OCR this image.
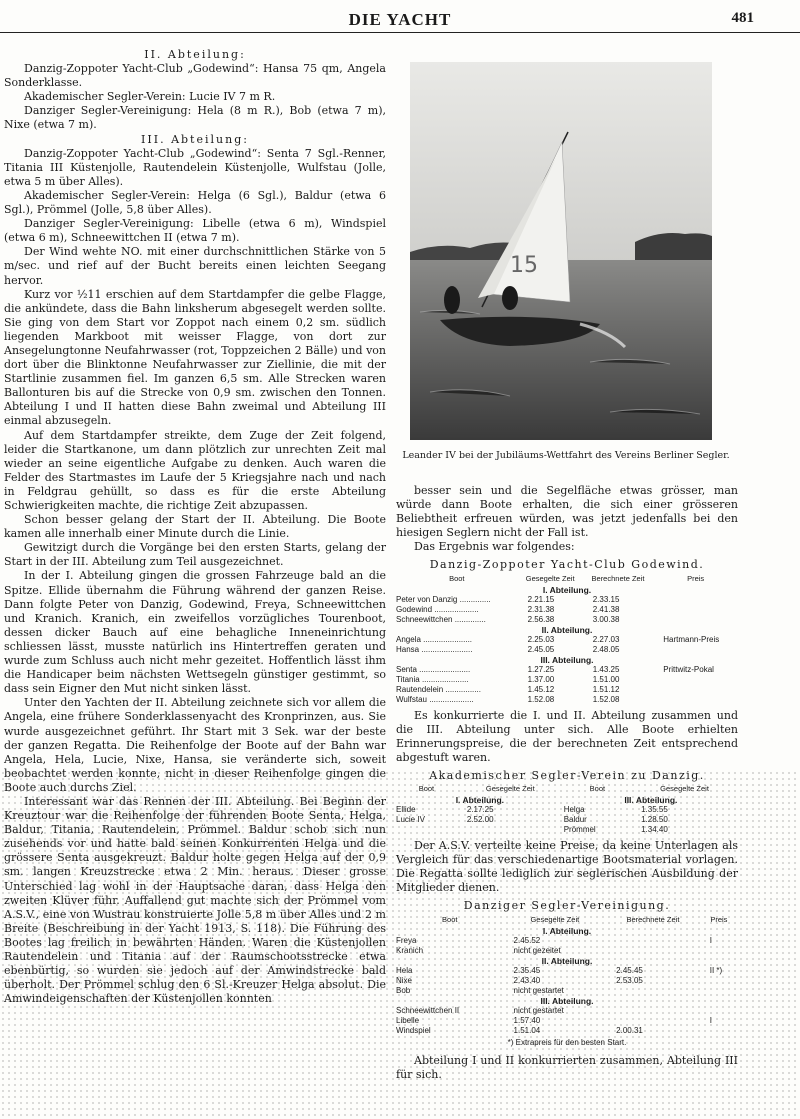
DIE YACHT	481

II. Abteilung:

Danzig-Zoppoter Yacht-Club „Godewind“: Hansa 75 qm, Angela Sonderklasse.

Akademischer Segler-Verein: Lucie IV 7 m R.

Danziger Segler-Vereinigung: Hela (8 m R.), Bob (etwa 7 m), Nixe (etwa 7 m).

III. Abteilung:

Danzig-Zoppoter Yacht-Club „Godewind“: Senta 7 Sgl.-Renner, Titania III Küstenjolle, Rautendelein Küstenjolle, Wulfstau (Jolle, etwa 5 m über Alles).

Akademischer Segler-Verein: Helga (6 Sgl.), Baldur (etwa 6 Sgl.), Prömmel (Jolle, 5,8 über Alles).

Danziger Segler-Vereinigung: Libelle (etwa 6 m), Windspiel (etwa 6 m), Schneewittchen II (etwa 7 m).

Der Wind wehte NO. mit einer durchschnittlichen Stärke von 5 m/sec. und rief auf der Bucht bereits einen leichten Seegang hervor.

Kurz vor ½11 erschien auf dem Startdampfer die gelbe Flagge, die ankündete, dass die Bahn linksherum abgesegelt werden sollte. Sie ging von dem Start vor Zoppot nach einem 0,2 sm. südlich liegenden Markboot mit weisser Flagge, von dort zur Ansegelungtonne Neufahrwasser (rot, Toppzeichen 2 Bälle) und von dort über die Blinktonne Neufahrwasser zur Ziellinie, die mit der Startlinie zusammen fiel. Im ganzen 6,5 sm. Alle Strecken waren Ballonturen bis auf die Strecke von 0,9 sm. zwischen den Tonnen. Abteilung I und II hatten diese Bahn zweimal und Abteilung III einmal abzusegeln.

Auf dem Startdampfer streikte, dem Zuge der Zeit folgend, leider die Startkanone, um dann plötzlich zur unrechten Zeit mal wieder an seine eigentliche Aufgabe zu denken. Auch waren die Felder des Startmastes im Laufe der 5 Kriegsjahre nach und nach in Feldgrau gehüllt, so dass es für die erste Abteilung Schwierigkeiten machte, die richtige Zeit abzupassen.

Schon besser gelang der Start der II. Abteilung. Die Boote kamen alle innerhalb einer Minute durch die Linie.

Gewitzigt durch die Vorgänge bei den ersten Starts, gelang der Start in der III. Abteilung zum Teil ausgezeichnet.

In der I. Abteilung gingen die grossen Fahrzeuge bald an die Spitze. Ellide übernahm die Führung während der ganzen Reise. Dann folgte Peter von Danzig, Godewind, Freya, Schneewittchen und Kranich. Kranich, ein zweifellos vorzügliches Tourenboot, dessen dicker Bauch auf eine behagliche Inneneinrichtung schliessen lässt, musste natürlich ins Hintertreffen geraten und wurde zum Schluss auch nicht mehr gezeitet. Hoffentlich lässt ihm die Handicaper beim nächsten Wettsegeln günstiger gestimmt, so dass sein Eigner den Mut nicht sinken lässt.

Unter den Yachten der II. Abteilung zeichnete sich vor allem die Angela, eine frühere Sonderklassenyacht des Kronprinzen, aus. Sie wurde ausgezeichnet geführt. Ihr Start mit 3 Sek. war der beste der ganzen Regatta. Die Reihenfolge der Boote auf der Bahn war Angela, Hela, Lucie, Nixe, Hansa, sie veränderte sich, soweit beobachtet werden konnte, nicht in dieser Reihenfolge gingen die Boote auch durchs Ziel.

Interessant war das Rennen der III. Abteilung. Bei Beginn der Kreuztour war die Reihenfolge der führenden Boote Senta, Helga, Baldur, Titania, Rautendelein, Prömmel. Baldur schob sich nun zusehends vor und hatte bald seinen Konkurrenten Helga und die grössere Senta ausgekreuzt. Baldur holte gegen Helga auf der 0,9 sm. langen Kreuzstrecke etwa 2 Min. heraus. Dieser grosse Unterschied lag wohl in der Hauptsache daran, dass Helga den zweiten Klüver führ. Auffallend gut machte sich der Prömmel vom A.S.V., eine von Wustrau konstruierte Jolle 5,8 m über Alles und 2 m Breite (Beschreibung in der Yacht 1913, S. 118). Die Führung des Bootes lag freilich in bewährten Händen. Waren die Küstenjollen Rautendelein und Titania auf der Raumschootsstrecke etwa ebenbürtig, so wurden sie jedoch auf der Amwindstrecke bald überholt. Der Prömmel schlug den 6 Sl.-Kreuzer Helga absolut. Die Amwindeigenschaften der Küstenjollen konnten

15
Leander IV bei der Jubiläums-Wettfahrt des Vereins Berliner Segler.

besser sein und die Segelfläche etwas grösser, man würde dann Boote erhalten, die sich einer grösseren Beliebtheit erfreuen würden, was jetzt jedenfalls bei den hiesigen Seglern nicht der Fall ist.

Das Ergebnis war folgendes:

Danzig-Zoppoter Yacht-Club Godewind.
Boot	Gesegelte Zeit	Berechnete Zeit	Preis
I. Abteilung.			
Peter von Danzig ..............	2.21.15	2.33.15	
Godewind ....................	2.31.38	2.41.38	
Schneewittchen ..............	2.56.38	3.00.38	
II. Abteilung.			
Angela ......................	2.25.03	2.27.03	Hartmann-Preis
Hansa .......................	2.45.05	2.48.05	
III. Abteilung.			
Senta .......................	1.27.25	1.43.25	Prittwitz-Pokal
Titania .....................	1.37.00	1.51.00	
Rautendelein ................	1.45.12	1.51.12	
Wulfstau ....................	1.52.08	1.52.08	

Es konkurrierte die I. und II. Abteilung zusammen und die III. Abteilung unter sich. Alle Boote erhielten Erinnerungspreise, die der berechneten Zeit entsprechend abgestuft waren.

Akademischer Segler-Verein zu Danzig.
Boot	Gesegelte Zeit	Boot	Gesegelte Zeit
I. Abteilung.		III. Abteilung.	
Ellide	2.17.25	Helga	1.35.55
Lucie IV	2.52.00	Baldur	1.28.50
		Prömmel	1.34.40

Der A.S.V. verteilte keine Preise, da keine Unterlagen als Vergleich für das verschiedenartige Bootsmaterial vorlagen. Die Regatta sollte lediglich zur seglerischen Ausbildung der Mitglieder dienen.

Danziger Segler-Vereinigung.
Boot	Gesegelte Zeit	Berechnete Zeit	Preis
I. Abteilung.			
Freya	2.45.52		I
Kranich	nicht gezeitet		
II. Abteilung.			
Hela	2.35.45	2.45.45	II *)
Nixe	2.43.40	2.53.05	
Bob	nicht gestartet		
III. Abteilung.			
Schneewittchen II	nicht gestartet		
Libelle	1.57.40		I
Windspiel	1.51.04	2.00.31	
*) Extrapreis für den besten Start.

Abteilung I und II konkurrierten zusammen, Abteilung III für sich.
